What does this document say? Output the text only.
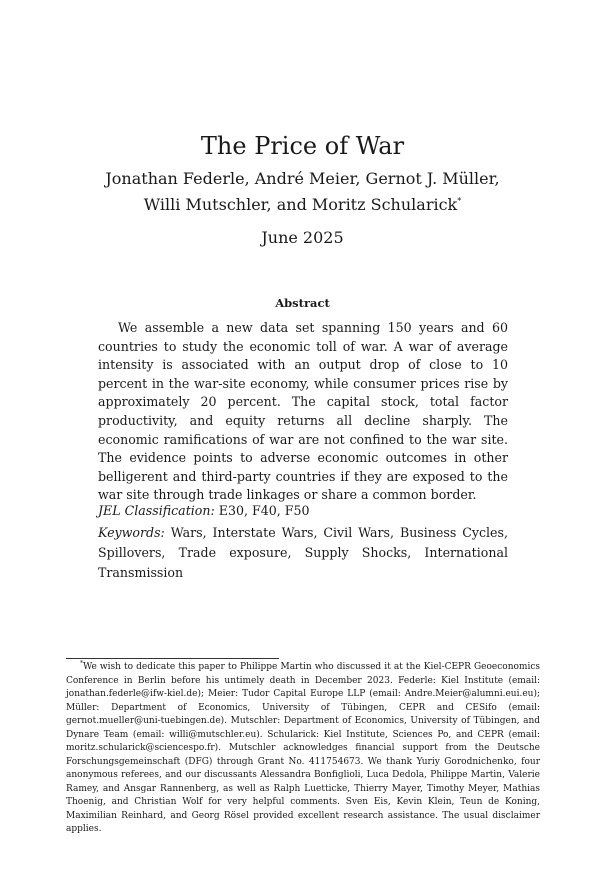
The Price of War
Jonathan Federle, André Meier, Gernot J. Müller,
Willi Mutschler, and Moritz Schularick*
June 2025
Abstract

We assemble a new data set spanning 150 years and 60 countries to study the economic toll of war. A war of average intensity is associated with an output drop of close to 10 percent in the war-site economy, while consumer prices rise by approximately 20 percent. The capital stock, total factor productivity, and equity returns all decline sharply. The economic ramifications of war are not confined to the war site. The evidence points to adverse economic outcomes in other belligerent and third-party countries if they are exposed to the war site through trade linkages or share a common border.

JEL Classification: E30, F40, F50
Keywords: Wars, Interstate Wars, Civil Wars, Business Cycles, Spillovers, Trade exposure, Supply Shocks, International Transmission

*We wish to dedicate this paper to Philippe Martin who discussed it at the Kiel-CEPR Geoeconomics Conference in Berlin before his untimely death in December 2023. Federle: Kiel Institute (email: jonathan.federle@ifw-kiel.de); Meier: Tudor Capital Europe LLP (email: Andre.Meier@alumni.eui.eu); Müller: Department of Economics, University of Tübingen, CEPR and CESifo (email: gernot.mueller@uni-tuebingen.de). Mutschler: Department of Economics, University of Tübingen, and Dynare Team (email: willi@mutschler.eu). Schularick: Kiel Institute, Sciences Po, and CEPR (email: moritz.schularick@sciencespo.fr). Mutschler acknowledges financial support from the Deutsche Forschungsgemeinschaft (DFG) through Grant No. 411754673. We thank Yuriy Gorodnichenko, four anonymous referees, and our discussants Alessandra Bonfiglioli, Luca Dedola, Philippe Martin, Valerie Ramey, and Ansgar Rannenberg, as well as Ralph Luetticke, Thierry Mayer, Timothy Meyer, Mathias Thoenig, and Christian Wolf for very helpful comments. Sven Eis, Kevin Klein, Teun de Koning, Maximilian Reinhard, and Georg Rösel provided excellent research assistance. The usual disclaimer applies.
